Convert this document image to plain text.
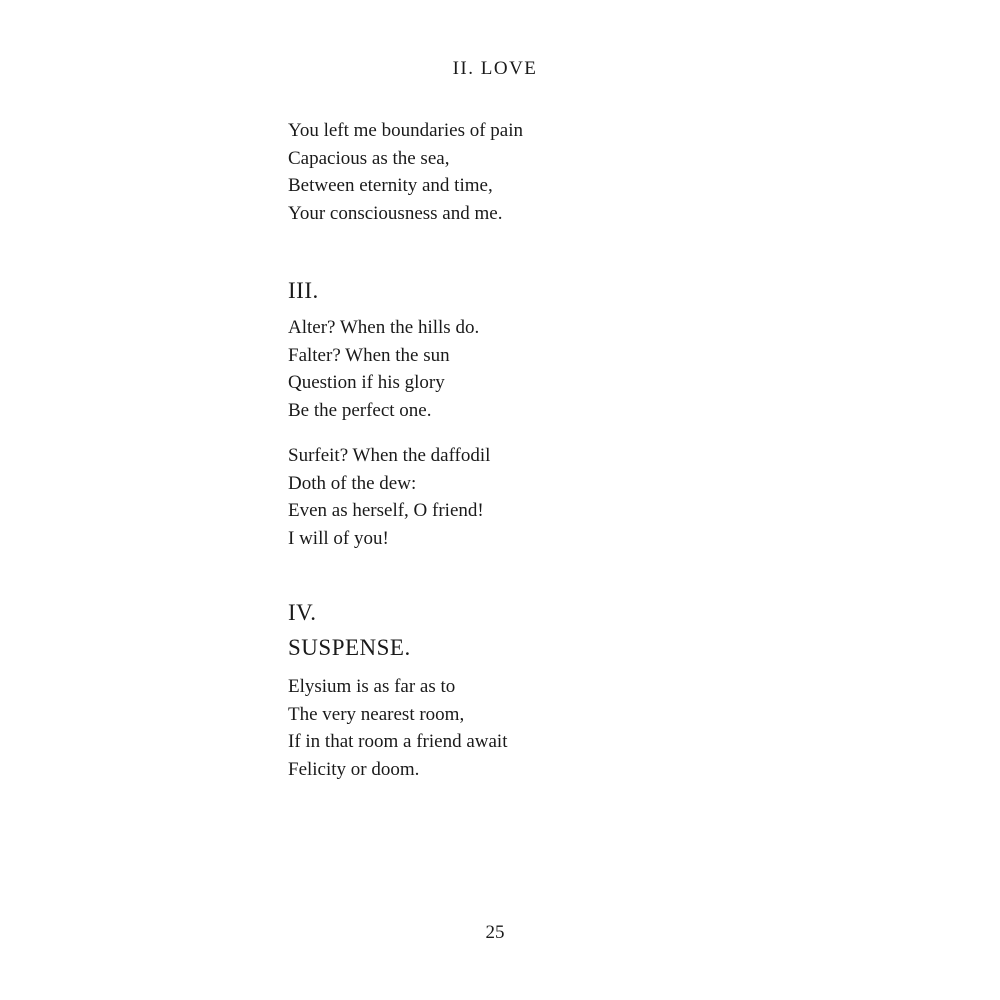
II. LOVE
You left me boundaries of pain
Capacious as the sea,
Between eternity and time,
Your consciousness and me.
III.
Alter? When the hills do.
Falter? When the sun
Question if his glory
Be the perfect one.
Surfeit? When the daffodil
Doth of the dew:
Even as herself, O friend!
I will of you!
IV.
SUSPENSE.
Elysium is as far as to
The very nearest room,
If in that room a friend await
Felicity or doom.
25
